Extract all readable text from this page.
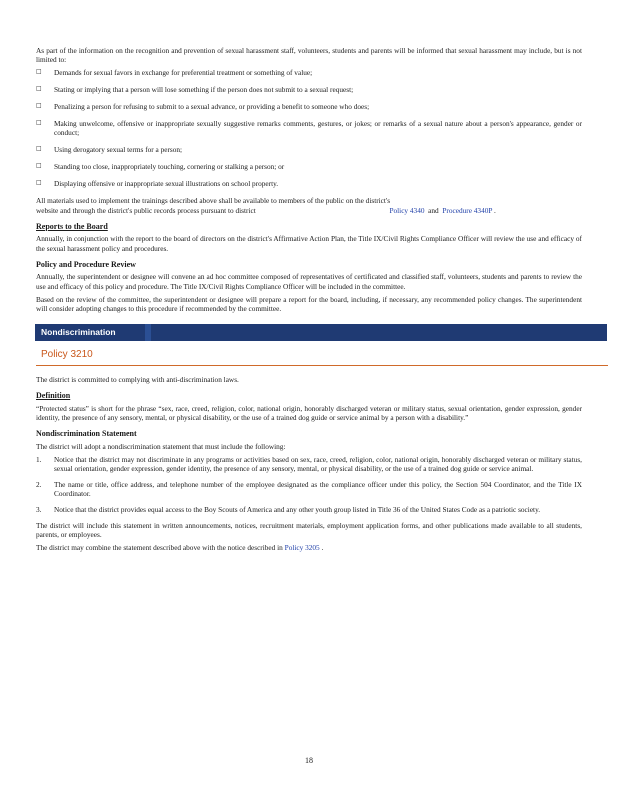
As part of the information on the recognition and prevention of sexual harassment staff, volunteers, students and parents will be informed that sexual harassment may include, but is not limited to:

□ Demands for sexual favors in exchange for preferential treatment or something of value;
□ Stating or implying that a person will lose something if the person does not submit to a sexual request;
□ Penalizing a person for refusing to submit to a sexual advance, or providing a benefit to someone who does;
□ Making unwelcome, offensive or inappropriate sexually suggestive remarks comments, gestures, or jokes; or remarks of a sexual nature about a person's appearance, gender or conduct;
□ Using derogatory sexual terms for a person;
□ Standing too close, inappropriately touching, cornering or stalking a person; or
□ Displaying offensive or inappropriate sexual illustrations on school property.

All materials used to implement the trainings described above shall be available to members of the public on the district's
website and through the district's public records process pursuant to district	Policy 4340 and Procedure 4340P .

Reports to the Board

Annually, in conjunction with the report to the board of directors on the district's Affirmative Action Plan, the Title IX/Civil Rights Compliance Officer will review the use and efficacy of the sexual harassment policy and procedures.

Policy and Procedure Review

Annually, the superintendent or designee will convene an ad hoc committee composed of representatives of certificated and classified staff, volunteers, students and parents to review the use and efficacy of this policy and procedure. The Title IX/Civil Rights Compliance Officer will be included in the committee.

Based on the review of the committee, the superintendent or designee will prepare a report for the board, including, if necessary, any recommended policy changes. The superintendent will consider adopting changes to this procedure if recommended by the committee.

Nondiscrimination
Policy 3210

The district is committed to complying with anti-discrimination laws.

Definition

“Protected status” is short for the phrase “sex, race, creed, religion, color, national origin, honorably discharged veteran or military status, sexual orientation, gender expression, gender identity, the presence of any sensory, mental, or physical disability, or the use of a trained dog guide or service animal by a person with a disability.”

Nondiscrimination Statement

The district will adopt a nondiscrimination statement that must include the following:

1. Notice that the district may not discriminate in any programs or activities based on sex, race, creed, religion, color, national origin, honorably discharged veteran or military status, sexual orientation, gender expression, gender identity, the presence of any sensory, mental, or physical disability, or the use of a trained dog guide or service animal.
2. The name or title, office address, and telephone number of the employee designated as the compliance officer under this policy, the Section 504 Coordinator, and the Title IX Coordinator.
3. Notice that the district provides equal access to the Boy Scouts of America and any other youth group listed in Title 36 of the United States Code as a patriotic society.

The district will include this statement in written announcements, notices, recruitment materials, employment application forms, and other publications made available to all students, parents, or employees.

The district may combine the statement described above with the notice described in Policy 3205 .

18
